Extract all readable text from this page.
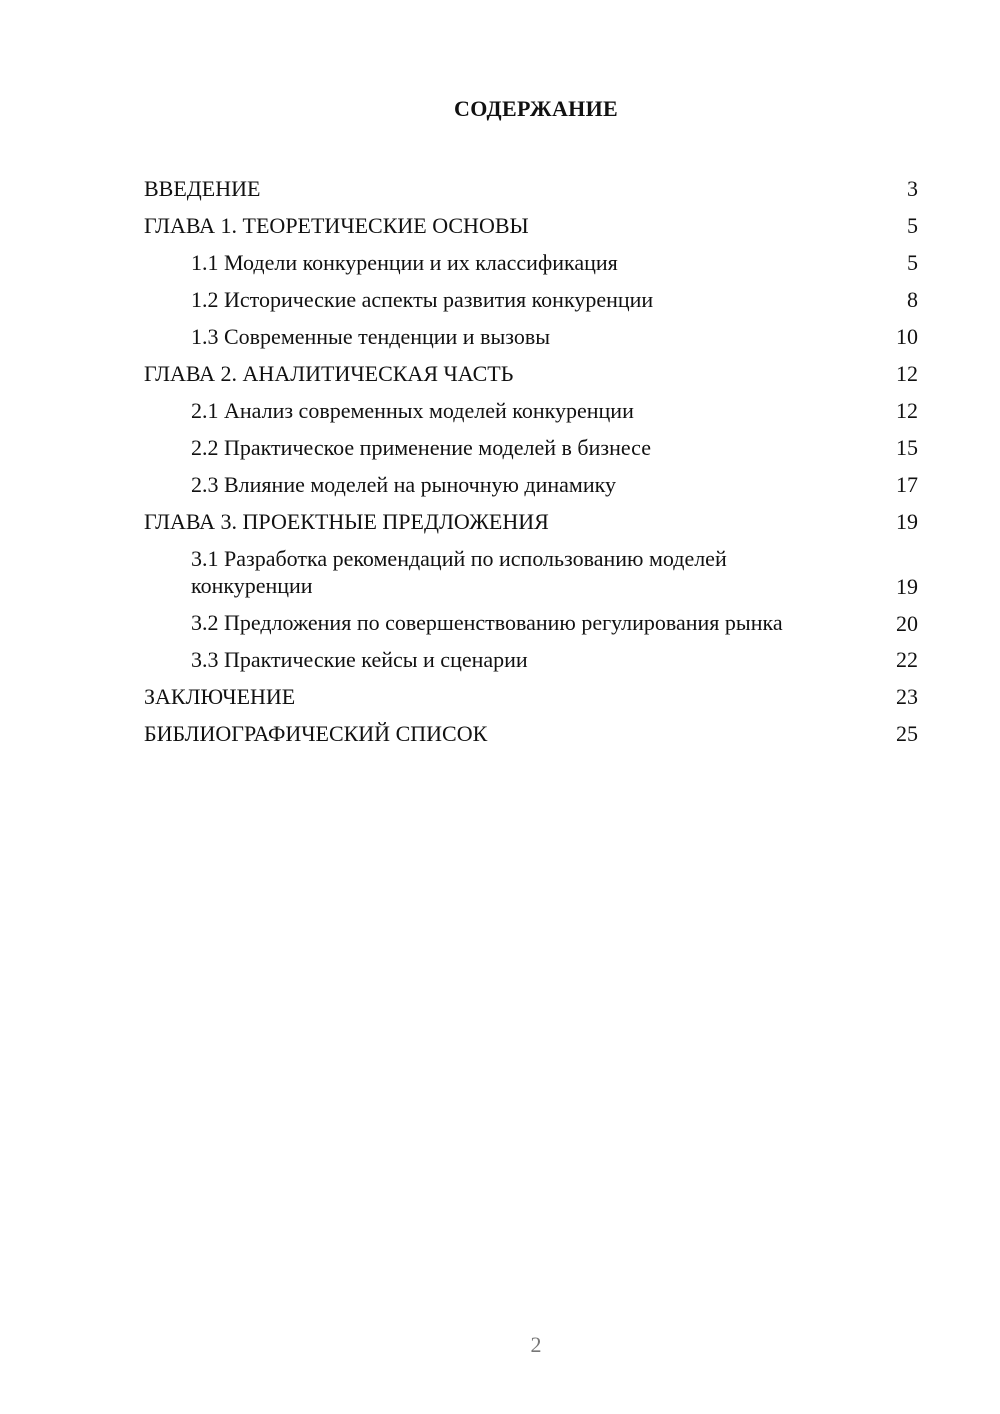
СОДЕРЖАНИЕ
ВВЕДЕНИЕ	3
ГЛАВА 1. ТЕОРЕТИЧЕСКИЕ ОСНОВЫ	5
1.1 Модели конкуренции и их классификация	5
1.2 Исторические аспекты развития конкуренции	8
1.3 Современные тенденции и вызовы	10
ГЛАВА 2. АНАЛИТИЧЕСКАЯ ЧАСТЬ	12
2.1 Анализ современных моделей конкуренции	12
2.2 Практическое применение моделей в бизнесе	15
2.3 Влияние моделей на рыночную динамику	17
ГЛАВА 3. ПРОЕКТНЫЕ ПРЕДЛОЖЕНИЯ	19
3.1 Разработка рекомендаций по использованию моделей конкуренции	19
3.2 Предложения по совершенствованию регулирования рынка	20
3.3 Практические кейсы и сценарии	22
ЗАКЛЮЧЕНИЕ	23
БИБЛИОГРАФИЧЕСКИЙ СПИСОК	25
2
